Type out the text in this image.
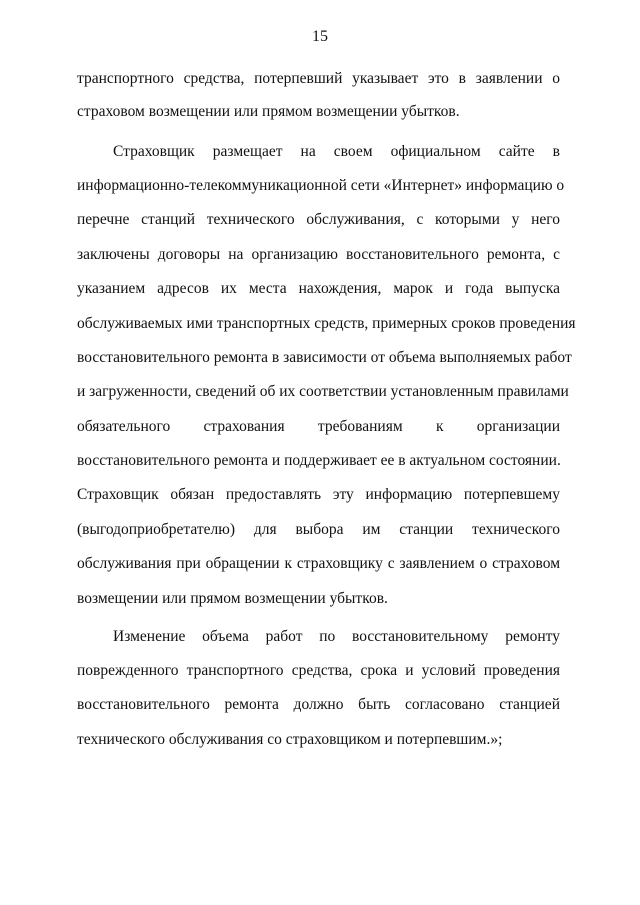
15
транспортного средства, потерпевший указывает это в заявлении о
страховом возмещении или прямом возмещении убытков.
Страховщик размещает на своем официальном сайте в
информационно-телекоммуникационной сети «Интернет» информацию о
перечне станций технического обслуживания, с которыми у него
заключены договоры на организацию восстановительного ремонта, с
указанием адресов их места нахождения, марок и года выпуска
обслуживаемых ими транспортных средств, примерных сроков проведения
восстановительного ремонта в зависимости от объема выполняемых работ
и загруженности, сведений об их соответствии установленным правилами
обязательного страхования требованиям к организации
восстановительного ремонта и поддерживает ее в актуальном состоянии.
Страховщик обязан предоставлять эту информацию потерпевшему
(выгодоприобретателю) для выбора им станции технического
обслуживания при обращении к страховщику с заявлением о страховом
возмещении или прямом возмещении убытков.
Изменение объема работ по восстановительному ремонту
поврежденного транспортного средства, срока и условий проведения
восстановительного ремонта должно быть согласовано станцией
технического обслуживания со страховщиком и потерпевшим.»;
